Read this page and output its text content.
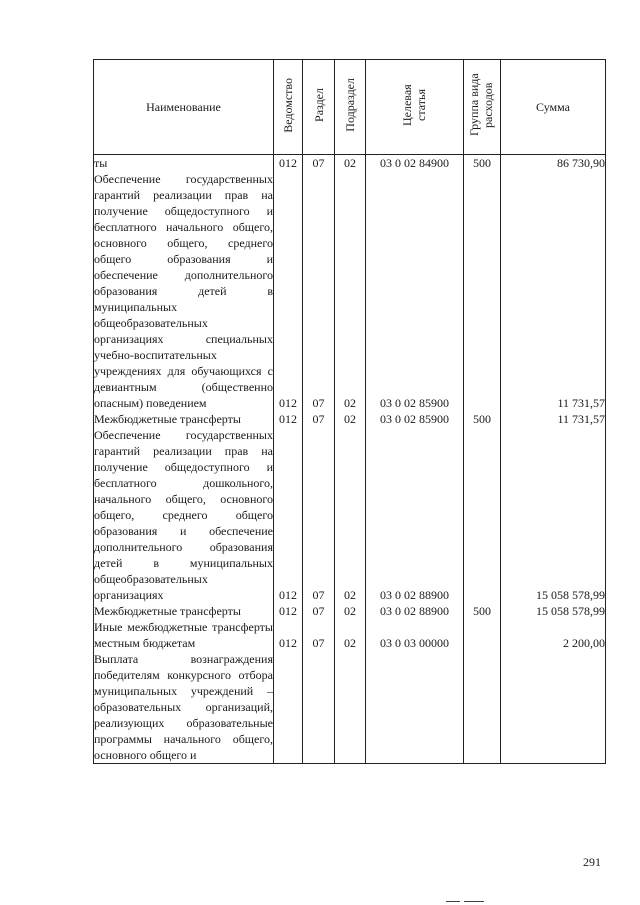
Наименование	Ведомство	Раздел	Подраздел	Целевая статья	Группа вида расходов	Сумма
ты	012	07	02	03 0 02 84900	500	86 730,90
Обеспечение государственных гарантий реализации прав на получение общедоступного и бесплатного начального общего, основного общего, среднего общего образования и обеспечение дополнительного образования детей в муниципальных общеобразовательных организациях специальных учебно-воспитательных учреждениях для обучающихся с девиантным (общественно опасным) поведением	012	07	02	03 0 02 85900		11 731,57
Межбюджетные трансферты	012	07	02	03 0 02 85900	500	11 731,57
Обеспечение государственных гарантий реализации прав на получение общедоступного и бесплатного дошкольного, начального общего, основного общего, среднего общего образования и обеспечение дополнительного образования детей в муниципальных общеобразовательных организациях	012	07	02	03 0 02 88900		15 058 578,99
Межбюджетные трансферты	012	07	02	03 0 02 88900	500	15 058 578,99
Иные межбюджетные трансферты местным бюджетам	012	07	02	03 0 03 00000		2 200,00
Выплата вознаграждения победителям конкурсного отбора муниципальных учреждений – образовательных организаций, реализующих образовательные программы начального общего, основного общего и						
291
